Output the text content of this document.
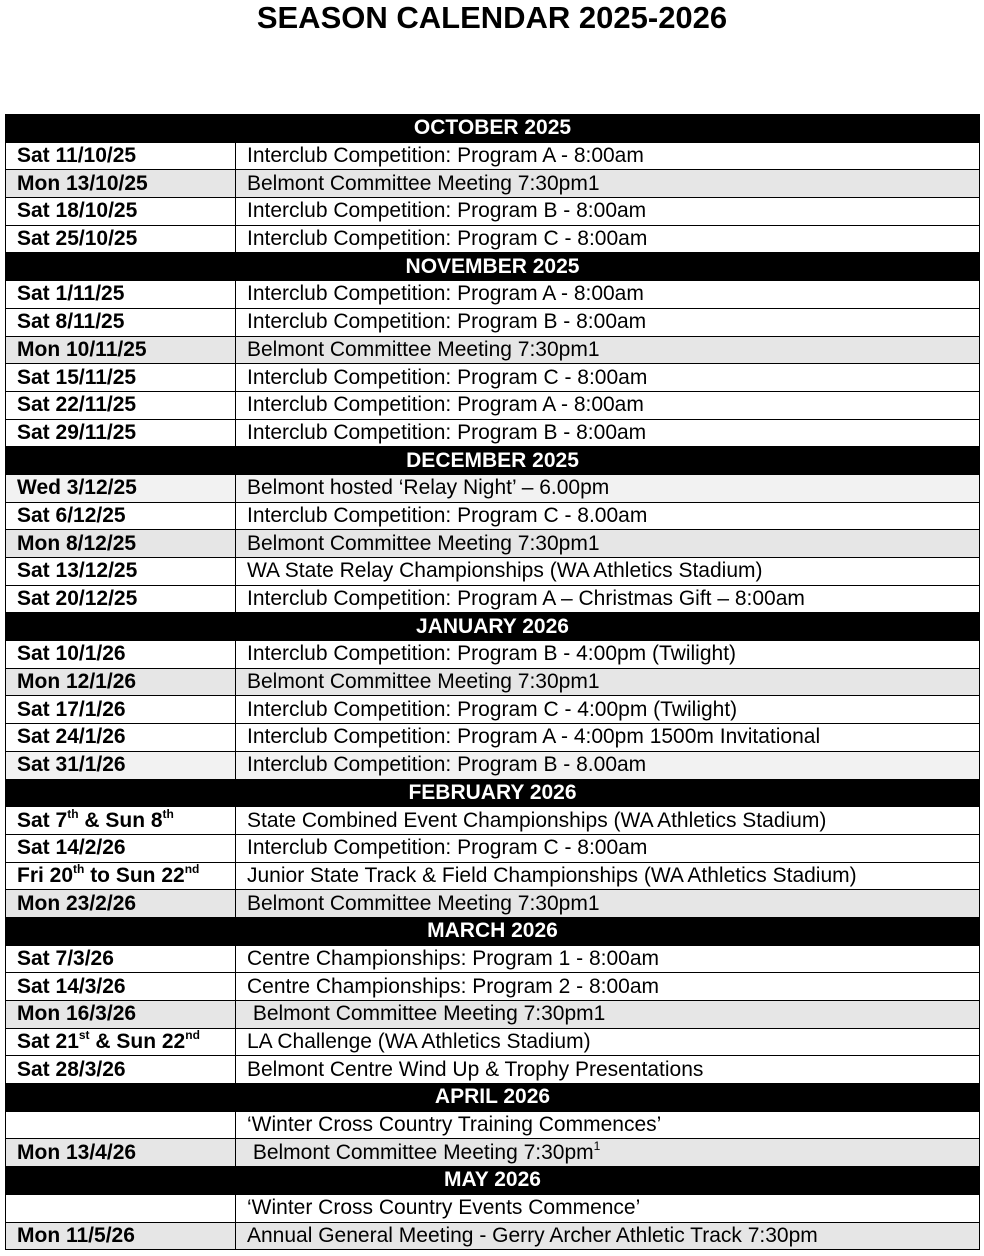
SEASON CALENDAR 2025-2026
OCTOBER 2025	
Sat 11/10/25	Interclub Competition: Program A - 8:00am
Mon 13/10/25	Belmont Committee Meeting 7:30pm1
Sat 18/10/25	Interclub Competition: Program B - 8:00am
Sat 25/10/25	Interclub Competition: Program C - 8:00am
NOVEMBER 2025	
Sat 1/11/25	Interclub Competition: Program A - 8:00am
Sat 8/11/25	Interclub Competition: Program B - 8:00am
Mon 10/11/25	Belmont Committee Meeting 7:30pm1
Sat 15/11/25	Interclub Competition: Program C - 8:00am
Sat 22/11/25	Interclub Competition: Program A - 8:00am
Sat 29/11/25	Interclub Competition: Program B - 8:00am
DECEMBER 2025	
Wed 3/12/25	Belmont hosted ‘Relay Night’ – 6.00pm
Sat 6/12/25	Interclub Competition: Program C - 8.00am
Mon 8/12/25	Belmont Committee Meeting 7:30pm1
Sat 13/12/25	WA State Relay Championships (WA Athletics Stadium)
Sat 20/12/25	Interclub Competition: Program A – Christmas Gift – 8:00am
JANUARY 2026	
Sat 10/1/26	Interclub Competition: Program B - 4:00pm (Twilight)
Mon 12/1/26	Belmont Committee Meeting 7:30pm1
Sat 17/1/26	Interclub Competition: Program C - 4:00pm (Twilight)
Sat 24/1/26	Interclub Competition: Program A - 4:00pm 1500m Invitational
Sat 31/1/26	Interclub Competition: Program B - 8.00am
FEBRUARY 2026	
Sat 7th & Sun 8th	State Combined Event Championships (WA Athletics Stadium)
Sat 14/2/26	Interclub Competition: Program C - 8:00am
Fri 20th to Sun 22nd	Junior State Track & Field Championships (WA Athletics Stadium)
Mon 23/2/26	Belmont Committee Meeting 7:30pm1
MARCH 2026	
Sat 7/3/26	Centre Championships: Program 1 - 8:00am
Sat 14/3/26	Centre Championships: Program 2 - 8:00am
Mon 16/3/26	Belmont Committee Meeting 7:30pm1
Sat 21st & Sun 22nd	LA Challenge (WA Athletics Stadium)
Sat 28/3/26	Belmont Centre Wind Up & Trophy Presentations
APRIL 2026	
	‘Winter Cross Country Training Commences’
Mon 13/4/26	Belmont Committee Meeting $7:30pm^1$
MAY 2026	
	‘Winter Cross Country Events Commence’
Mon 11/5/26	Annual General Meeting - Gerry Archer Athletic Track 7:30pm
